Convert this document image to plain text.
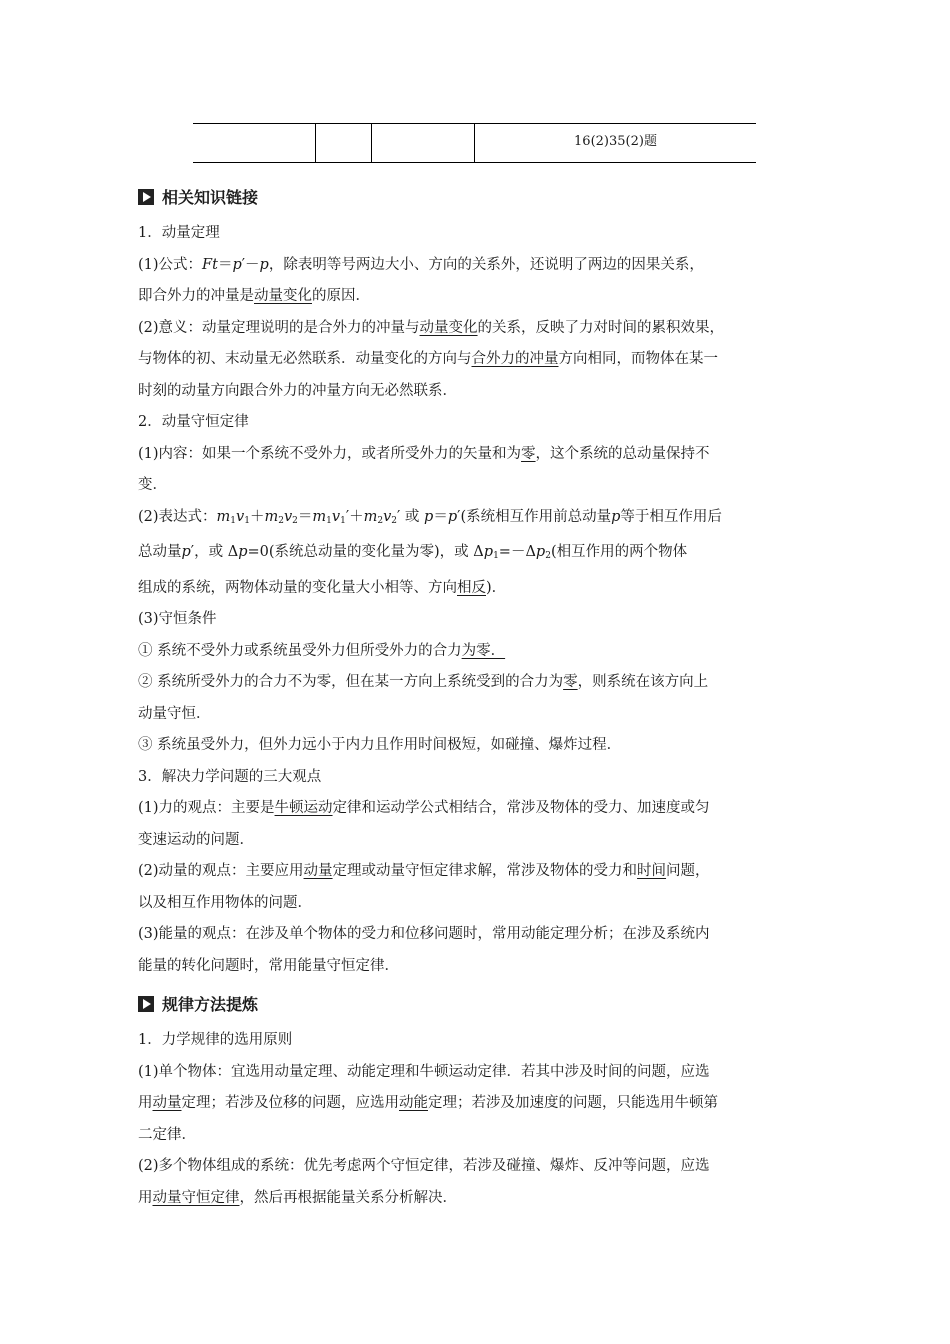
			16(2)35(2)题
相关知识链接

1．动量定理

(1)公式：Ft＝p′－p，除表明等号两边大小、方向的关系外，还说明了两边的因果关系，

即合外力的冲量是动量变化的原因．

(2)意义：动量定理说明的是合外力的冲量与动量变化的关系，反映了力对时间的累积效果，

与物体的初、末动量无必然联系．动量变化的方向与合外力的冲量方向相同，而物体在某一

时刻的动量方向跟合外力的冲量方向无必然联系．

2．动量守恒定律

(1)内容：如果一个系统不受外力，或者所受外力的矢量和为零，这个系统的总动量保持不

变．

(2)表达式：$m_1v_1+m_2v_2=m_1v_1'+m_2v_2'$ 或 p＝p′(系统相互作用前总动量p等于相互作用后

总动量p′，或 Δp=0(系统总动量的变化量为零)，或 $\Delta p_1=-\Delta p_2$(相互作用的两个物体

组成的系统，两物体动量的变化量大小相等、方向相反)．

(3)守恒条件

① 系统不受外力或系统虽受外力但所受外力的合力为零．

② 系统所受外力的合力不为零，但在某一方向上系统受到的合力为零，则系统在该方向上

动量守恒．

③ 系统虽受外力，但外力远小于内力且作用时间极短，如碰撞、爆炸过程．

3．解决力学问题的三大观点

(1)力的观点：主要是牛顿运动定律和运动学公式相结合，常涉及物体的受力、加速度或匀

变速运动的问题．

(2)动量的观点：主要应用动量定理或动量守恒定律求解，常涉及物体的受力和时间问题，

以及相互作用物体的问题．

(3)能量的观点：在涉及单个物体的受力和位移问题时，常用动能定理分析；在涉及系统内

能量的转化问题时，常用能量守恒定律．

规律方法提炼

1．力学规律的选用原则

(1)单个物体：宜选用动量定理、动能定理和牛顿运动定律．若其中涉及时间的问题，应选

用动量定理；若涉及位移的问题，应选用动能定理；若涉及加速度的问题，只能选用牛顿第

二定律．

(2)多个物体组成的系统：优先考虑两个守恒定律，若涉及碰撞、爆炸、反冲等问题，应选

用动量守恒定律，然后再根据能量关系分析解决．
